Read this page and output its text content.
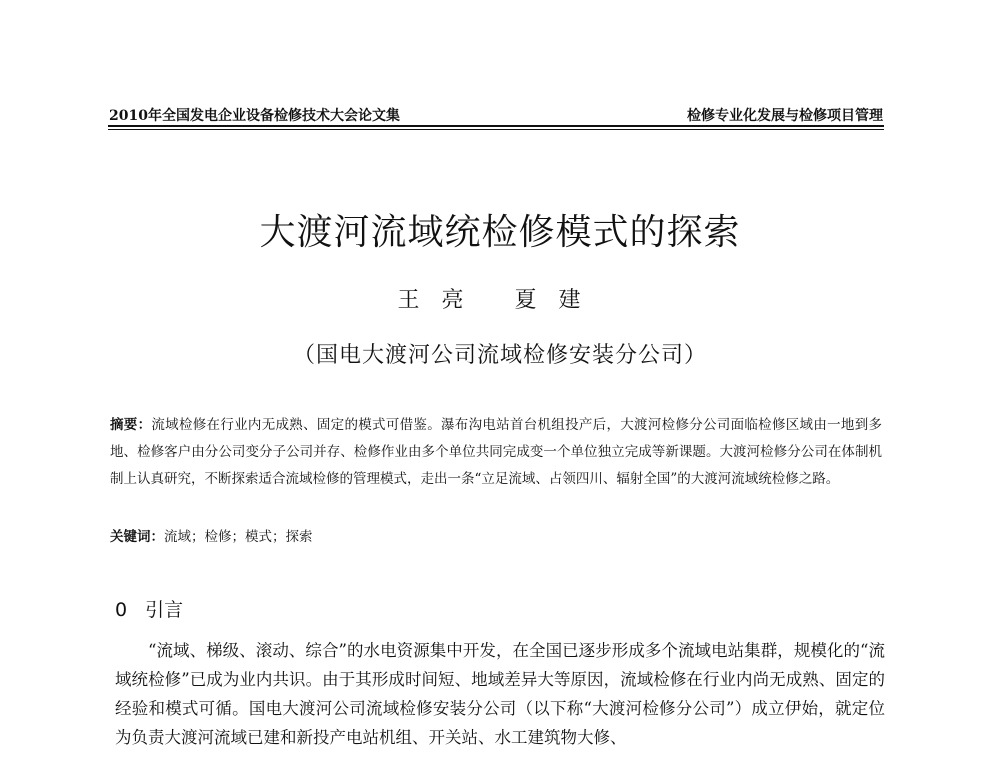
2010年全国发电企业设备检修技术大会论文集	检修专业化发展与检修项目管理
大渡河流域统检修模式的探索
王亮 夏建
（国电大渡河公司流域检修安装分公司）
摘要：流域检修在行业内无成熟、固定的模式可借鉴。瀑布沟电站首台机组投产后，大渡河检修分公司面临检修区域由一地到多地、检修客户由分公司变分子公司并存、检修作业由多个单位共同完成变一个单位独立完成等新课题。大渡河检修分公司在体制机制上认真研究，不断探索适合流域检修的管理模式，走出一条“立足流域、占领四川、辐射全国”的大渡河流域统检修之路。
关键词：流域；检修；模式；探索
0 引言
“流域、梯级、滚动、综合”的水电资源集中开发，在全国已逐步形成多个流域电站集群，规模化的“流域统检修”已成为业内共识。由于其形成时间短、地域差异大等原因，流域检修在行业内尚无成熟、固定的经验和模式可循。国电大渡河公司流域检修安装分公司（以下称“大渡河检修分公司”）成立伊始，就定位为负责大渡河流域已建和新投产电站机组、开关站、水工建筑物大修、
